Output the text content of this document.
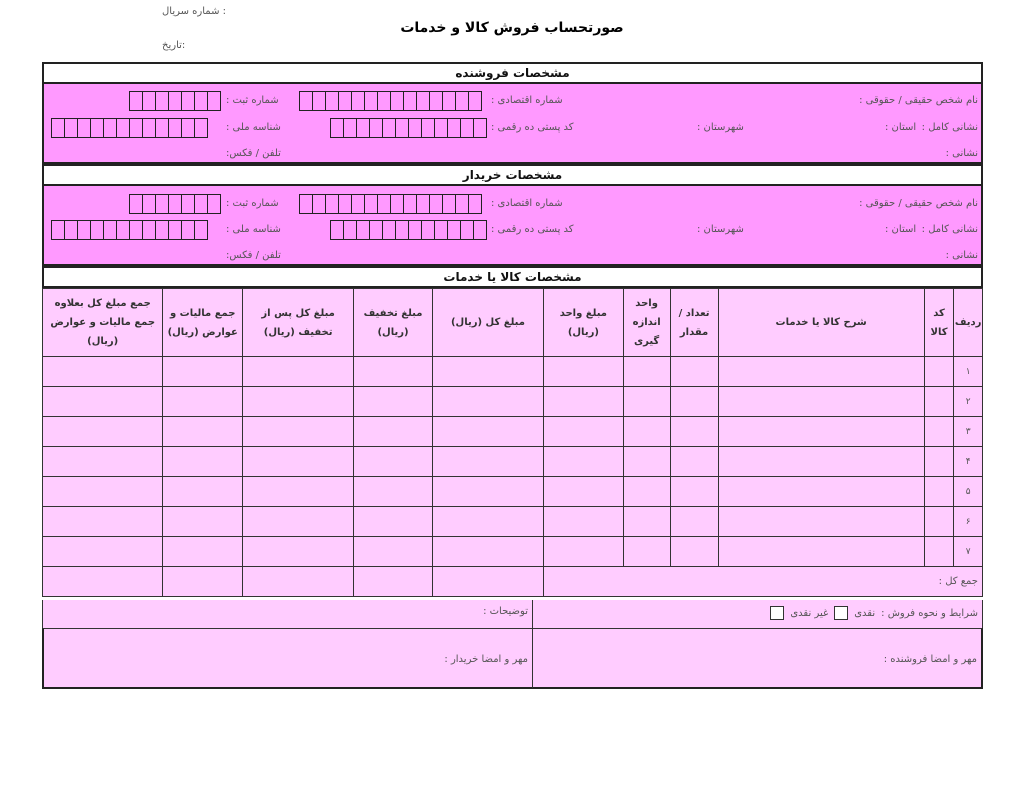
شماره سریال :
تاریخ:
صورتحساب فروش کالا و خدمات
مشخصات فروشنده
نام شخص حقیقی / حقوقی :
شماره اقتصادی :
شماره ثبت :
نشانی کامل :
استان :
شهرستان :
کد پستی ده رقمی :
شناسه ملی :
نشانی :
تلفن / فکس:
مشخصات خریدار
نام شخص حقیقی / حقوقی :
شماره اقتصادی :
شماره ثبت :
نشانی کامل :
استان :
شهرستان :
کد پستی ده رقمی :
شناسه ملی :
نشانی :
تلفن / فکس:
مشخصات کالا یا خدمات
جمع مبلغ کل بعلاوه جمع مالیات و عوارض (ریال)	جمع مالیات و عوارض (ریال)	مبلغ کل پس از تخفیف (ریال)	مبلغ تخفیف (ریال)	مبلغ کل (ریال)	مبلغ واحد (ریال)	واحد اندازه گیری	تعداد / مقدار	شرح کالا یا خدمات	کد کالا	ردیف
										۱
										۲
										۳
										۴
										۵
										۶
										۷
					جمع کل :					
توضیحات :	شرایط و نحوه فروش :
نقدی
غیر نقدی
مهر و امضا خریدار :	مهر و امضا فروشنده :
